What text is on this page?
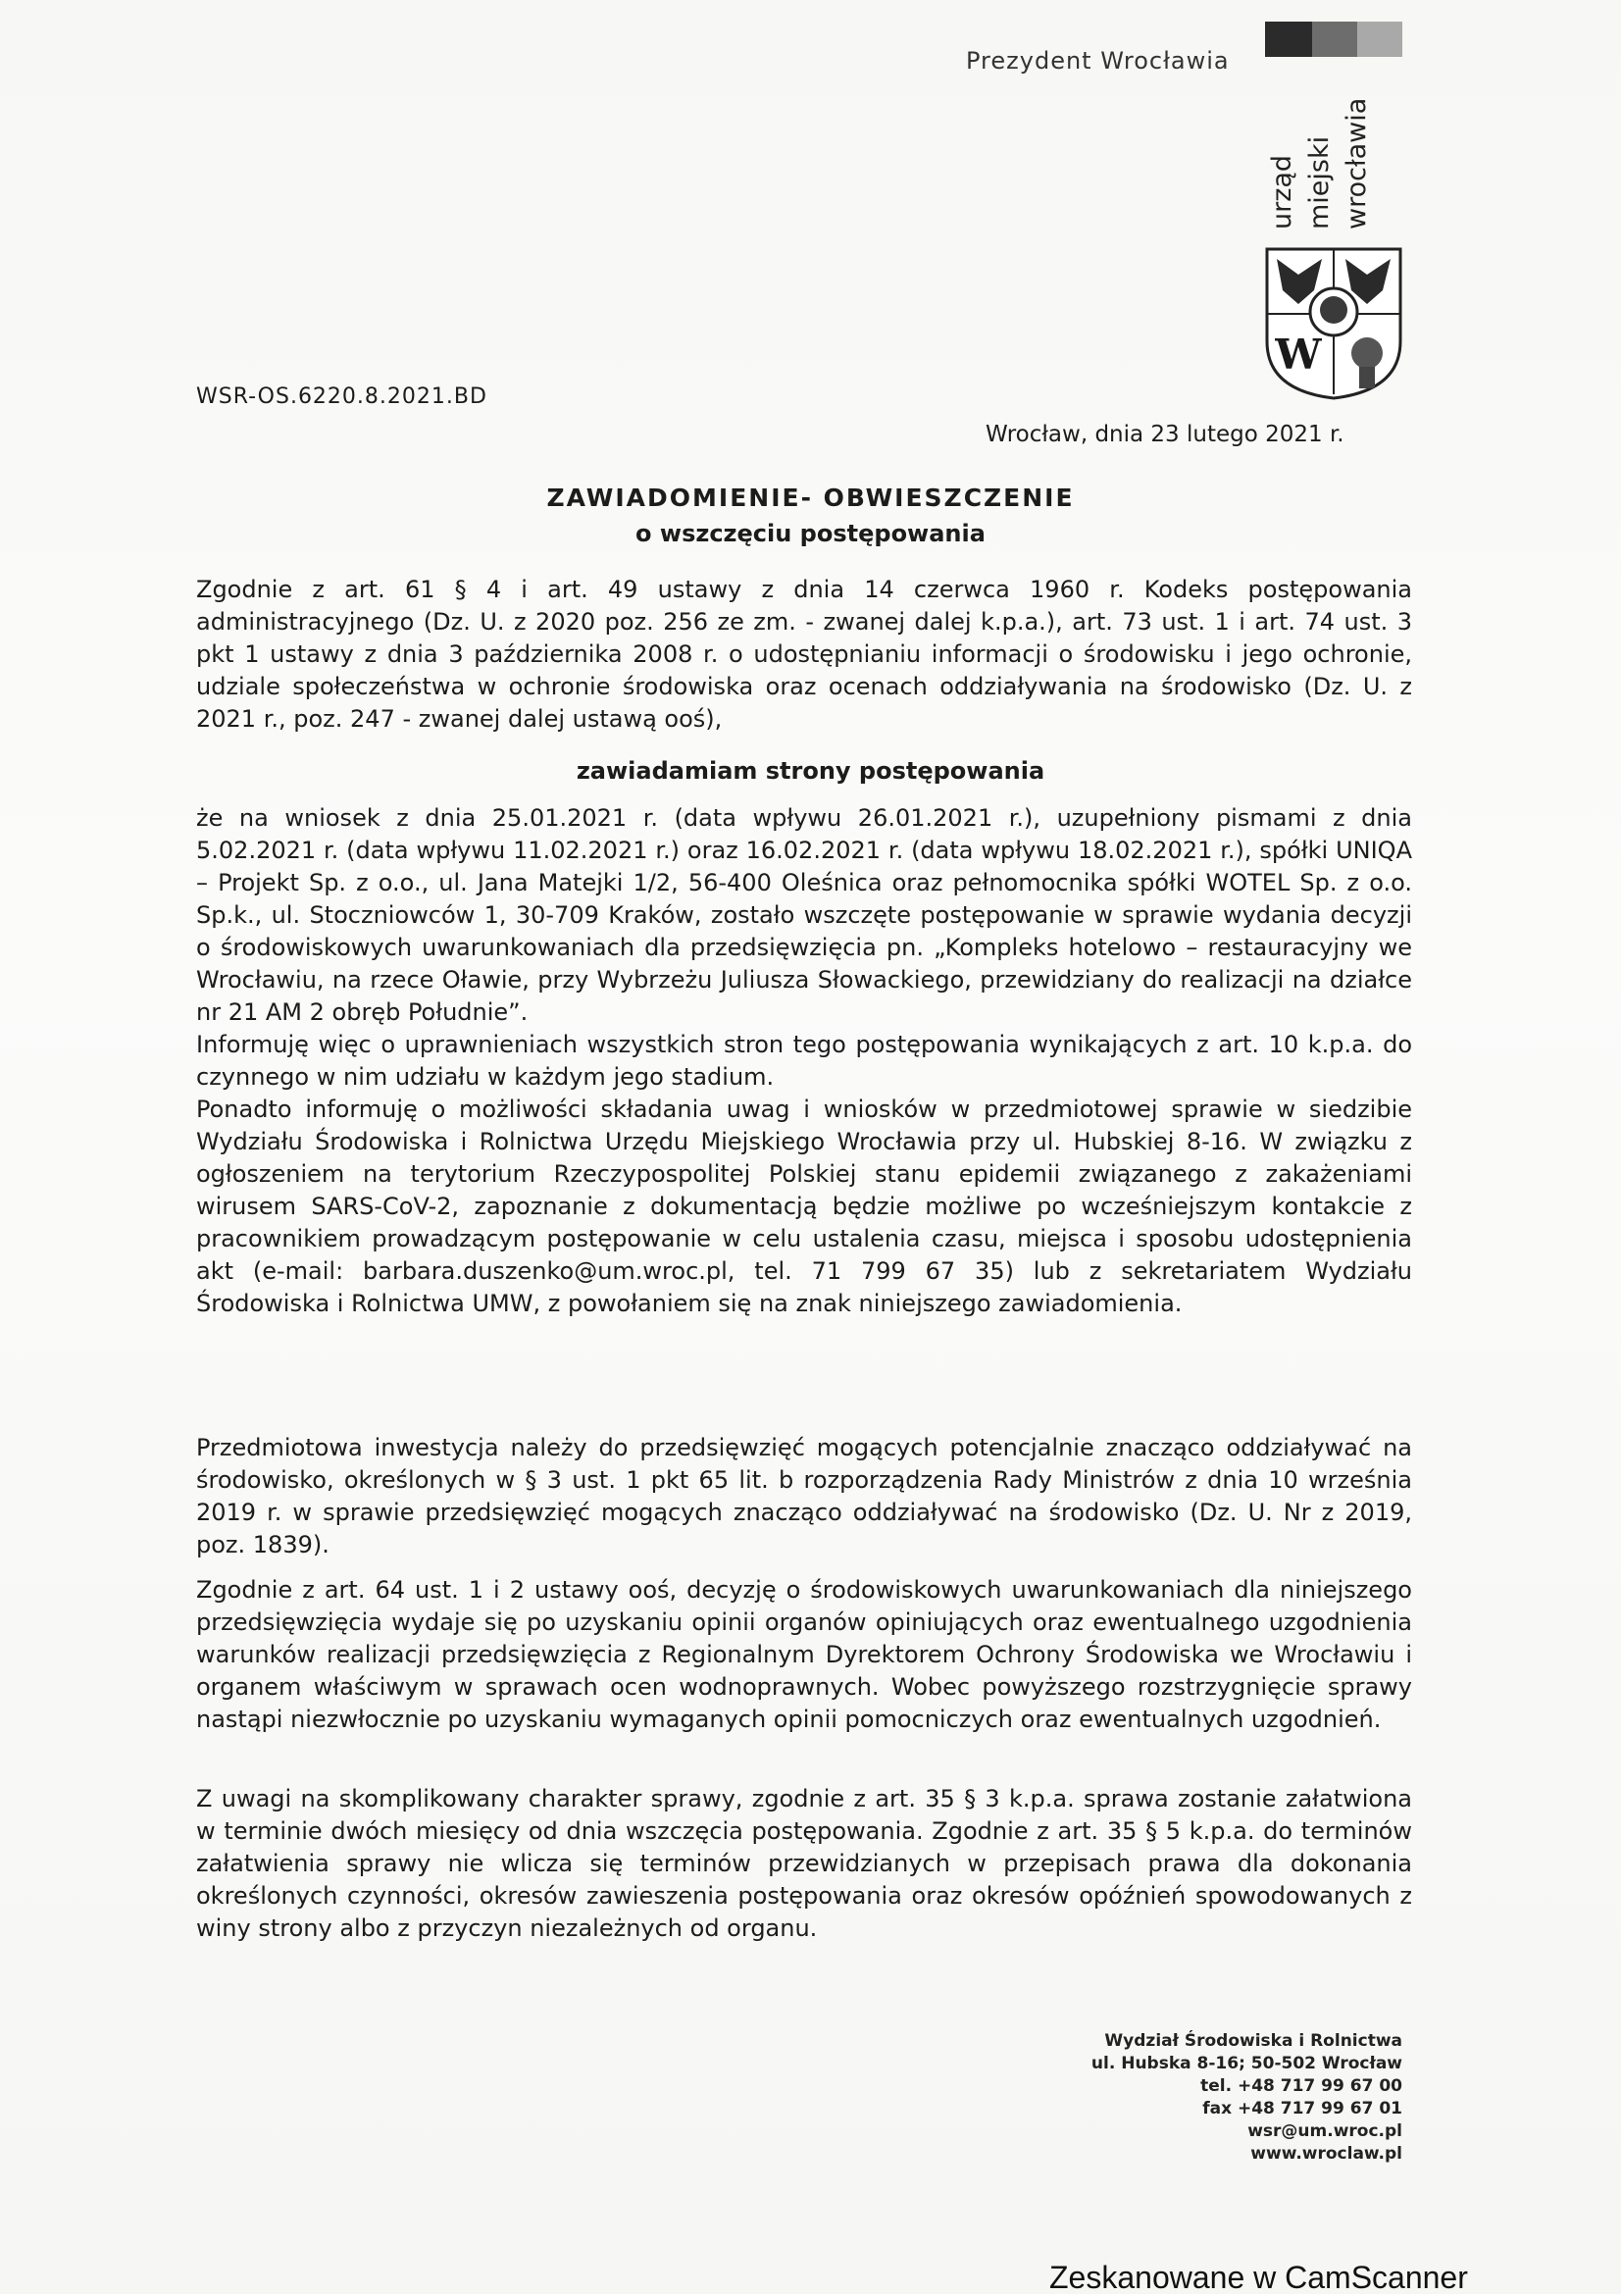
Prezydent Wrocławia
urząd miejski wrocławia
W
WSR-OS.6220.8.2021.BD
Wrocław, dnia 23 lutego 2021 r.
ZAWIADOMIENIE- OBWIESZCZENIE
o wszczęciu postępowania

Zgodnie z art. 61 § 4 i art. 49 ustawy z dnia 14 czerwca 1960 r. Kodeks postępowania administracyjnego (Dz. U. z 2020 poz. 256 ze zm. - zwanej dalej k.p.a.), art. 73 ust. 1 i art. 74 ust. 3 pkt 1 ustawy z dnia 3 października 2008 r. o udostępnianiu informacji o środowisku i jego ochronie, udziale społeczeństwa w ochronie środowiska oraz ocenach oddziaływania na środowisko (Dz. U. z 2021 r., poz. 247 - zwanej dalej ustawą ooś),

zawiadamiam strony postępowania

że na wniosek z dnia 25.01.2021 r. (data wpływu 26.01.2021 r.), uzupełniony pismami z dnia 5.02.2021 r. (data wpływu 11.02.2021 r.) oraz 16.02.2021 r. (data wpływu 18.02.2021 r.), spółki UNIQA – Projekt Sp. z o.o., ul. Jana Matejki 1/2, 56-400 Oleśnica oraz pełnomocnika spółki WOTEL Sp. z o.o. Sp.k., ul. Stoczniowców 1, 30-709 Kraków, zostało wszczęte postępowanie w sprawie wydania decyzji o środowiskowych uwarunkowaniach dla przedsięwzięcia pn. „Kompleks hotelowo – restauracyjny we Wrocławiu, na rzece Oławie, przy Wybrzeżu Juliusza Słowackiego, przewidziany do realizacji na działce nr 21 AM 2 obręb Południe”.

Informuję więc o uprawnieniach wszystkich stron tego postępowania wynikających z art. 10 k.p.a. do czynnego w nim udziału w każdym jego stadium.

Ponadto informuję o możliwości składania uwag i wniosków w przedmiotowej sprawie w siedzibie Wydziału Środowiska i Rolnictwa Urzędu Miejskiego Wrocławia przy ul. Hubskiej 8-16. W związku z ogłoszeniem na terytorium Rzeczypospolitej Polskiej stanu epidemii związanego z zakażeniami wirusem SARS-CoV-2, zapoznanie z dokumentacją będzie możliwe po wcześniejszym kontakcie z pracownikiem prowadzącym postępowanie w celu ustalenia czasu, miejsca i sposobu udostępnienia akt (e-mail: barbara.duszenko@um.wroc.pl, tel. 71 799 67 35) lub z sekretariatem Wydziału Środowiska i Rolnictwa UMW, z powołaniem się na znak niniejszego zawiadomienia.

Przedmiotowa inwestycja należy do przedsięwzięć mogących potencjalnie znacząco oddziaływać na środowisko, określonych w § 3 ust. 1 pkt 65 lit. b rozporządzenia Rady Ministrów z dnia 10 września 2019 r. w sprawie przedsięwzięć mogących znacząco oddziaływać na środowisko (Dz. U. Nr z 2019, poz. 1839).

Zgodnie z art. 64 ust. 1 i 2 ustawy ooś, decyzję o środowiskowych uwarunkowaniach dla niniejszego przedsięwzięcia wydaje się po uzyskaniu opinii organów opiniujących oraz ewentualnego uzgodnienia warunków realizacji przedsięwzięcia z Regionalnym Dyrektorem Ochrony Środowiska we Wrocławiu i organem właściwym w sprawach ocen wodnoprawnych. Wobec powyższego rozstrzygnięcie sprawy nastąpi niezwłocznie po uzyskaniu wymaganych opinii pomocniczych oraz ewentualnych uzgodnień.

Z uwagi na skomplikowany charakter sprawy, zgodnie z art. 35 § 3 k.p.a. sprawa zostanie załatwiona w terminie dwóch miesięcy od dnia wszczęcia postępowania. Zgodnie z art. 35 § 5 k.p.a. do terminów załatwienia sprawy nie wlicza się terminów przewidzianych w przepisach prawa dla dokonania określonych czynności, okresów zawieszenia postępowania oraz okresów opóźnień spowodowanych z winy strony albo z przyczyn niezależnych od organu.

Wydział Środowiska i Rolnictwa
ul. Hubska 8-16; 50-502 Wrocław
tel. +48 717 99 67 00
fax +48 717 99 67 01
wsr@um.wroc.pl
www.wroclaw.pl
Zeskanowane w CamScanner
